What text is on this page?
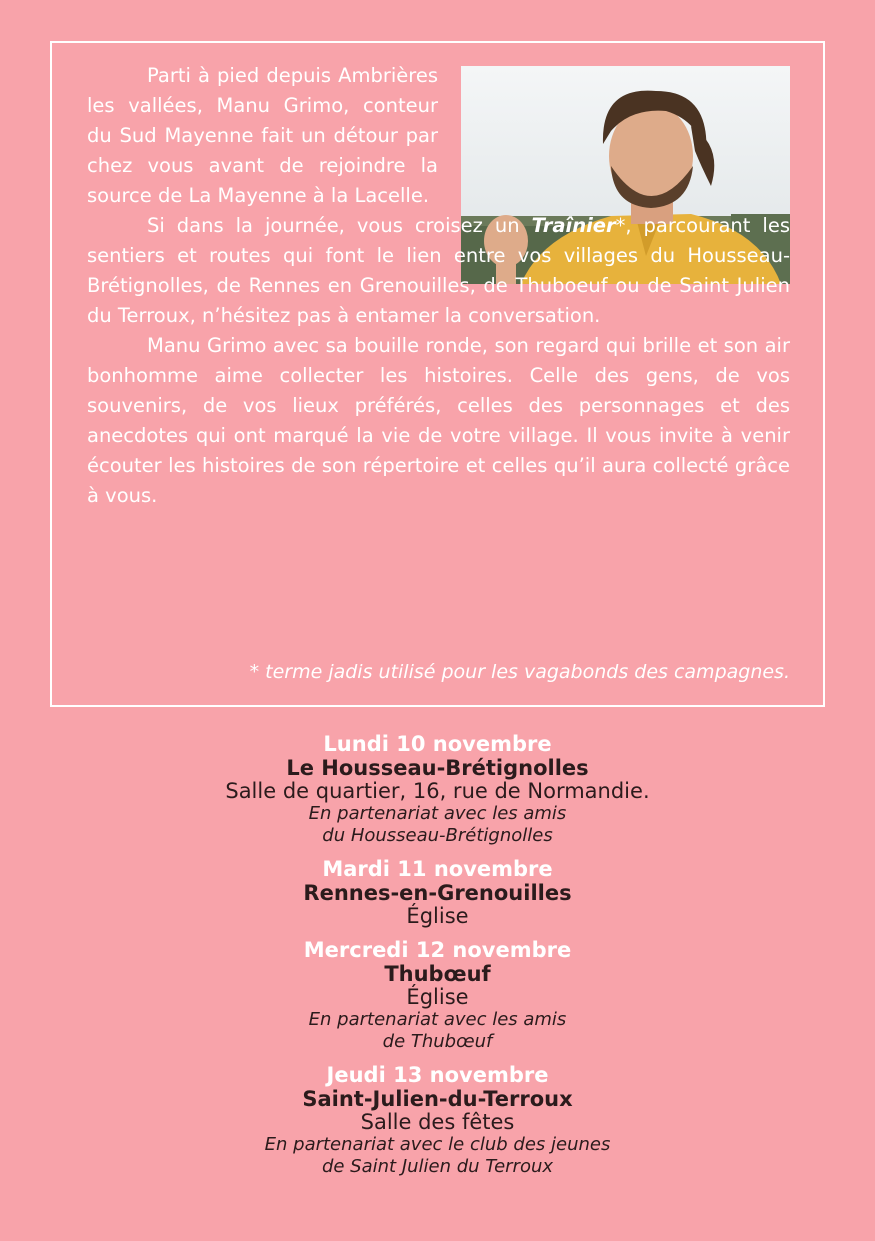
Parti à pied depuis Ambrières les vallées, Manu Grimo, conteur du Sud Mayenne fait un détour par chez vous avant de rejoindre la source de La Mayenne à la Lacelle.

Si dans la journée, vous croisez un Traînier*, parcourant les sentiers et routes qui font le lien entre vos villages du Housseau-Brétignolles, de Rennes en Grenouilles, de Thuboeuf ou de Saint Julien du Terroux, n’hésitez pas à entamer la conversation.

Manu Grimo avec sa bouille ronde, son regard qui brille et son air bonhomme aime collecter les histoires. Celle des gens, de vos souvenirs, de vos lieux préférés, celles des personnages et des anecdotes qui ont marqué la vie de votre village. Il vous invite à venir écouter les histoires de son répertoire et celles qu’il aura collecté grâce à vous.

* terme jadis utilisé pour les vagabonds des campagnes.
Lundi 10 novembre
Le Housseau-Brétignolles
Salle de quartier, 16, rue de Normandie.
En partenariat avec les amis
du Housseau-Brétignolles
Mardi 11 novembre
Rennes-en-Grenouilles
Église
Mercredi 12 novembre
Thubœuf
Église
En partenariat avec les amis
de Thubœuf
Jeudi 13 novembre
Saint-Julien-du-Terroux
Salle des fêtes
En partenariat avec le club des jeunes
de Saint Julien du Terroux
